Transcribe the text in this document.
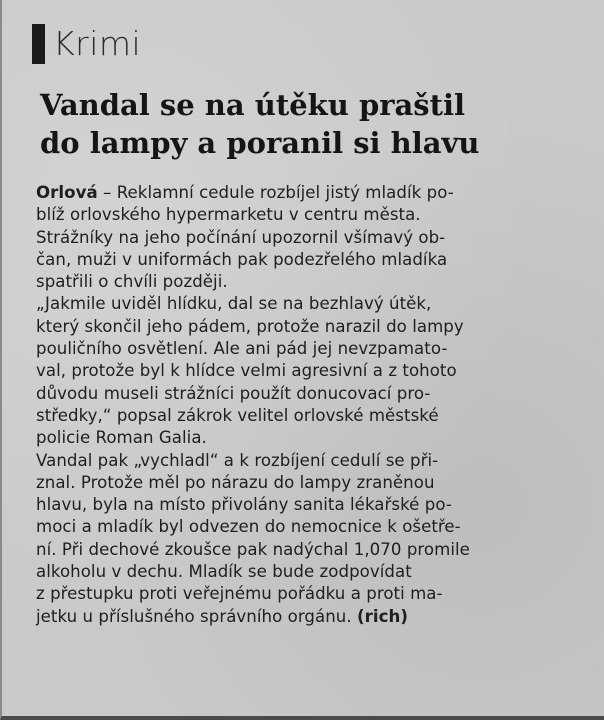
Krimi
Vandal se na útěku praštil
do lampy a poranil si hlavu
Orlová – Reklamní cedule rozbíjel jistý mladík po-
blíž orlovského hypermarketu v centru města.
Strážníky na jeho počínání upozornil všímavý ob-
čan, muži v uniformách pak podezřelého mladíka
spatřili o chvíli později.
„Jakmile uviděl hlídku, dal se na bezhlavý útěk,
který skončil jeho pádem, protože narazil do lampy
pouličního osvětlení. Ale ani pád jej nevzpamato-
val, protože byl k hlídce velmi agresivní a z tohoto
důvodu museli strážníci použít donucovací pro-
středky,“ popsal zákrok velitel orlovské městské
policie Roman Galia.
Vandal pak „vychladl“ a k rozbíjení cedulí se při-
znal. Protože měl po nárazu do lampy zraněnou
hlavu, byla na místo přivolány sanita lékařské po-
moci a mladík byl odvezen do nemocnice k ošetře-
ní. Při dechové zkoušce pak nadýchal 1,070 promile
alkoholu v dechu. Mladík se bude zodpovídat
z přestupku proti veřejnému pořádku a proti ma-
jetku u příslušného správního orgánu. (rich)
